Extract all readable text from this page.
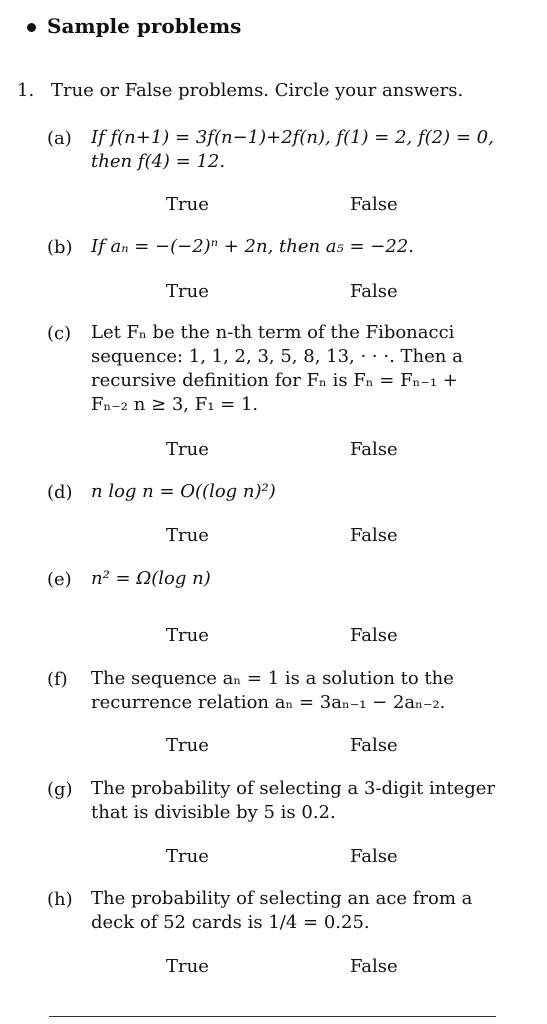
Sample problems
1. True or False problems. Circle your answers.
(a) If f(n+1) = 3f(n−1)+2f(n), f(1) = 2, f(2) = 0, then f(4) = 12.
True	False
(b) If aₙ = −(−2)ⁿ + 2n, then a₅ = −22.
True	False
(c) Let Fₙ be the n-th term of the Fibonacci sequence: 1, 1, 2, 3, 5, 8, 13, · · ·. Then a recursive definition for Fₙ is Fₙ = Fₙ₋₁ + Fₙ₋₂ n ≥ 3, F₁ = 1.
True	False
(d) n log n = O((log n)²)
True	False
(e) n² = Ω(log n)
True	False
(f) The sequence aₙ = 1 is a solution to the recurrence relation aₙ = 3aₙ₋₁ − 2aₙ₋₂.
True	False
(g) The probability of selecting a 3-digit integer that is divisible by 5 is 0.2.
True	False
(h) The probability of selecting an ace from a deck of 52 cards is 1/4 = 0.25.
True	False
